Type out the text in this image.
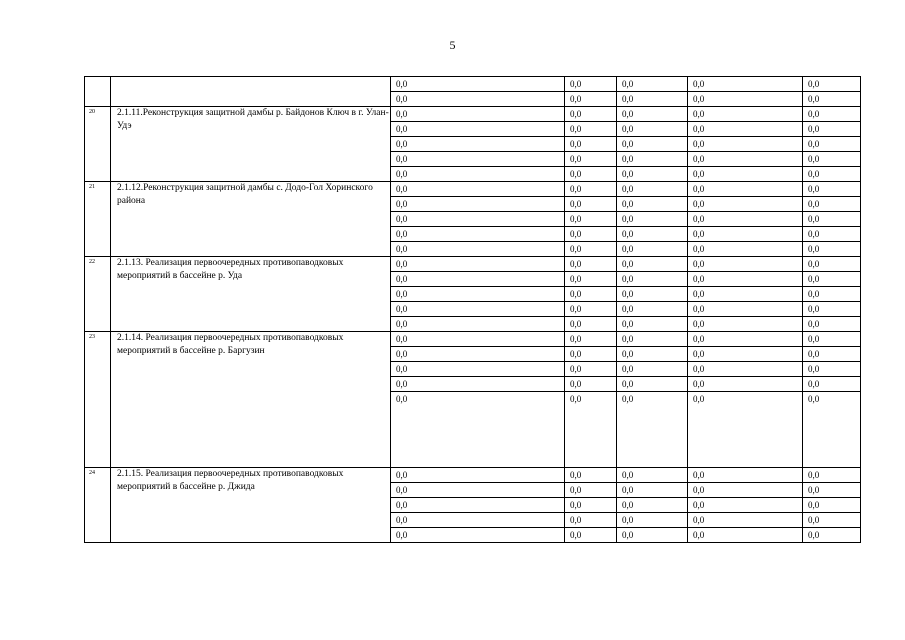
5
		0,0	0,0	0,0	0,0	0,0
		0,0	0,0	0,0	0,0	0,0
20	2.1.11.Реконструкция защитной дамбы р. Байдонов Ключ в г. Улан-Удэ	0,0	0,0	0,0	0,0	0,0
		0,0	0,0	0,0	0,0	0,0
		0,0	0,0	0,0	0,0	0,0
		0,0	0,0	0,0	0,0	0,0
		0,0	0,0	0,0	0,0	0,0
21	2.1.12.Реконструкция защитной дамбы с. Додо-Гол Хоринского района	0,0	0,0	0,0	0,0	0,0
		0,0	0,0	0,0	0,0	0,0
		0,0	0,0	0,0	0,0	0,0
		0,0	0,0	0,0	0,0	0,0
		0,0	0,0	0,0	0,0	0,0
22	2.1.13. Реализация первоочередных противопаводковых мероприятий в бассейне р. Уда	0,0	0,0	0,0	0,0	0,0
		0,0	0,0	0,0	0,0	0,0
		0,0	0,0	0,0	0,0	0,0
		0,0	0,0	0,0	0,0	0,0
		0,0	0,0	0,0	0,0	0,0
23	2.1.14. Реализация первоочередных противопаводковых мероприятий в бассейне р. Баргузин	0,0	0,0	0,0	0,0	0,0
		0,0	0,0	0,0	0,0	0,0
		0,0	0,0	0,0	0,0	0,0
		0,0	0,0	0,0	0,0	0,0
		0,0	0,0	0,0	0,0	0,0
24	2.1.15. Реализация первоочередных противопаводковых мероприятий в бассейне р. Джида	0,0	0,0	0,0	0,0	0,0
		0,0	0,0	0,0	0,0	0,0
		0,0	0,0	0,0	0,0	0,0
		0,0	0,0	0,0	0,0	0,0
		0,0	0,0	0,0	0,0	0,0
